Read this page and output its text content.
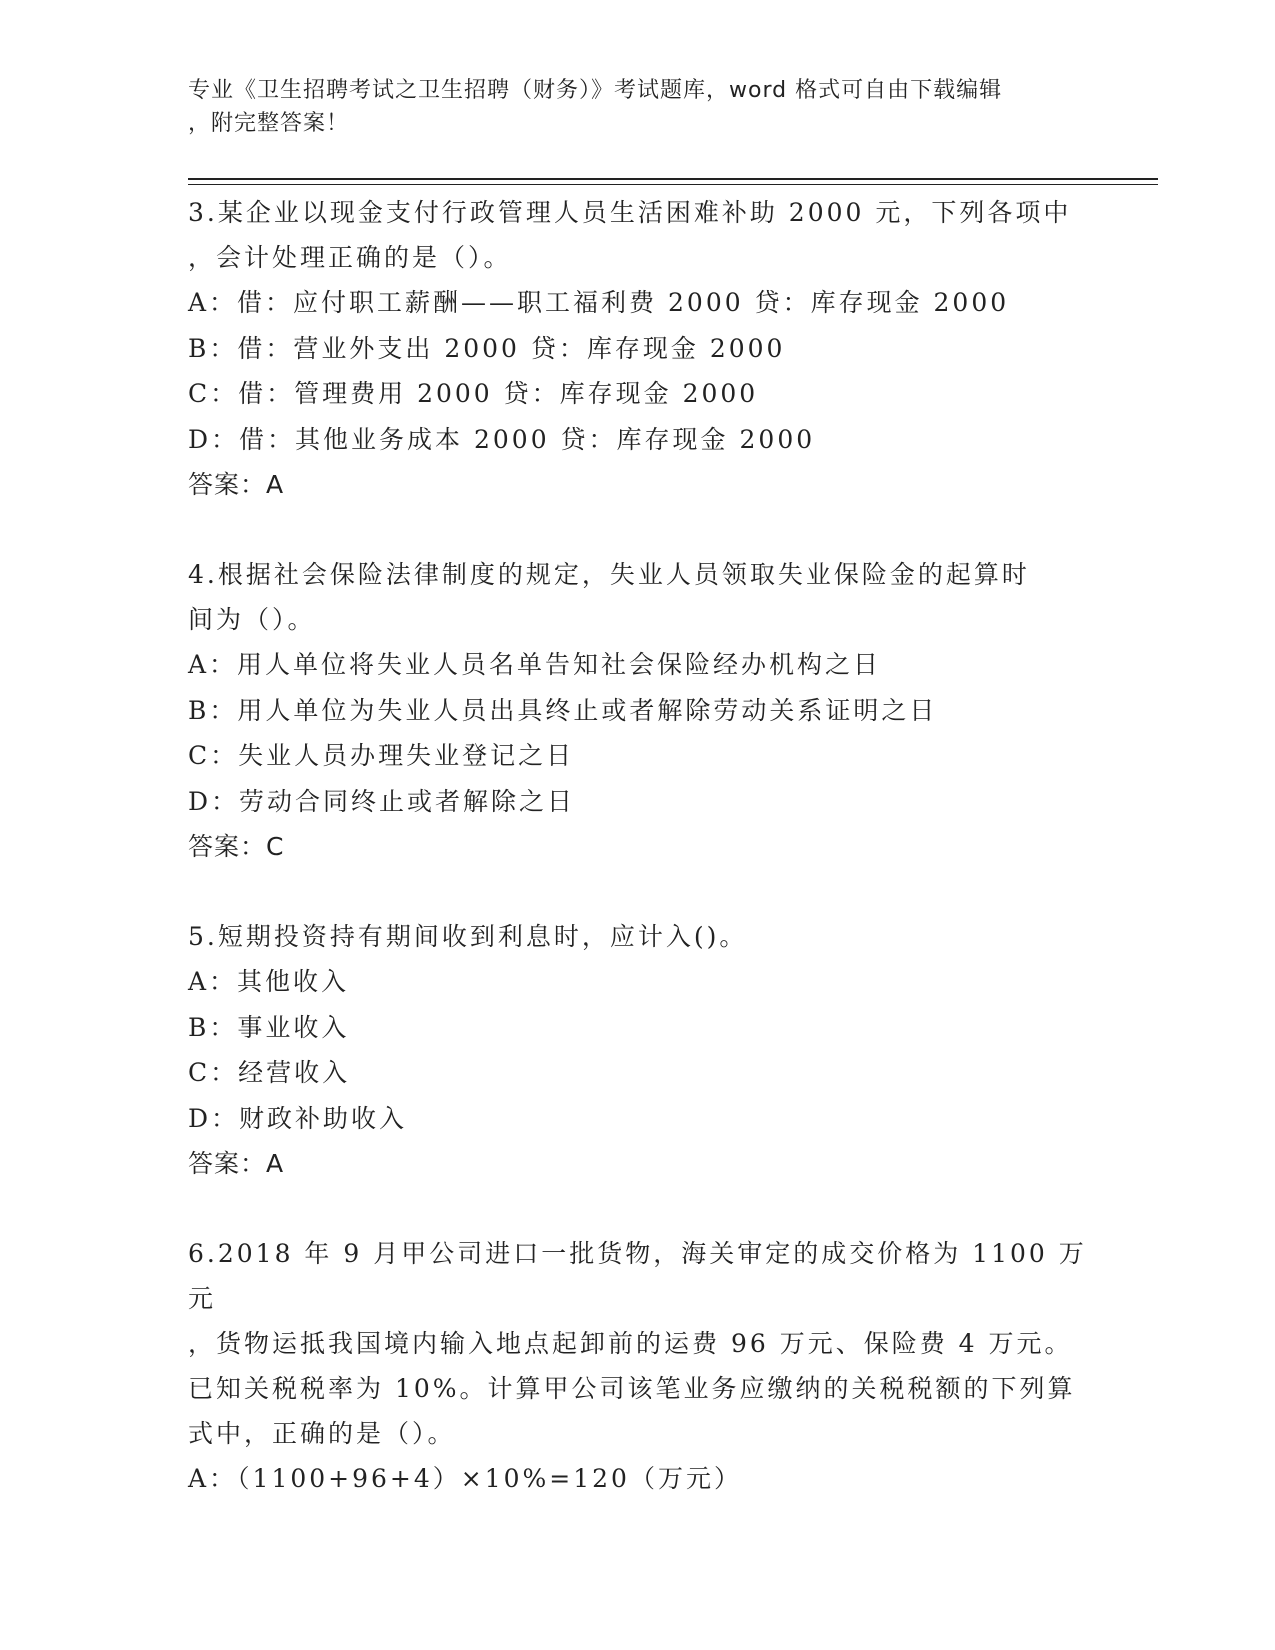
专业《卫生招聘考试之卫生招聘（财务）》考试题库，word 格式可自由下载编辑
，附完整答案！

3.某企业以现金支付行政管理人员生活困难补助 2000 元，下列各项中

，会计处理正确的是（）。

A：借：应付职工薪酬——职工福利费 2000 贷：库存现金 2000

B：借：营业外支出 2000 贷：库存现金 2000

C：借：管理费用 2000 贷：库存现金 2000

D：借：其他业务成本 2000 贷：库存现金 2000

答案：A

4.根据社会保险法律制度的规定，失业人员领取失业保险金的起算时

间为（）。

A：用人单位将失业人员名单告知社会保险经办机构之日

B：用人单位为失业人员出具终止或者解除劳动关系证明之日

C：失业人员办理失业登记之日

D：劳动合同终止或者解除之日

答案：C

5.短期投资持有期间收到利息时，应计入()。

A：其他收入

B：事业收入

C：经营收入

D：财政补助收入

答案：A

6.2018 年 9 月甲公司进口一批货物，海关审定的成交价格为 1100 万元

，货物运抵我国境内输入地点起卸前的运费 96 万元、保险费 4 万元。

已知关税税率为 10%。计算甲公司该笔业务应缴纳的关税税额的下列算

式中，正确的是（）。

A：（1100+96+4）×10%=120（万元）
